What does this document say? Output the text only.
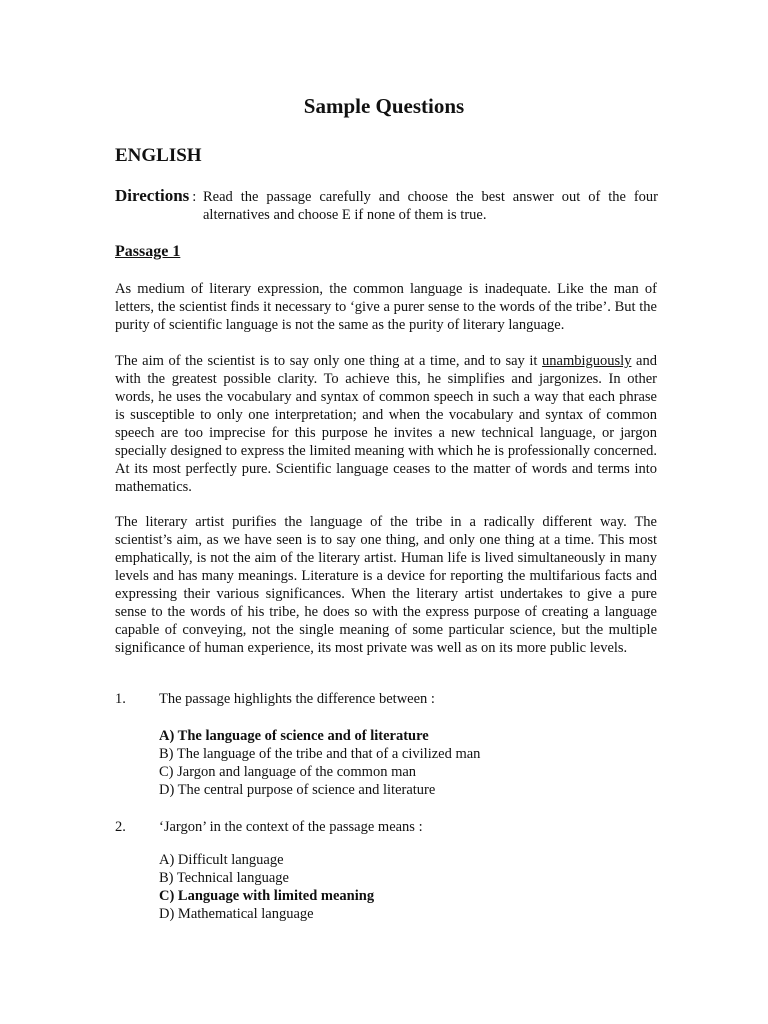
Sample Questions
ENGLISH
Directions : Read the passage carefully and choose the best answer out of the four alternatives and choose E if none of them is true.
Passage 1

As medium of literary expression, the common language is inadequate. Like the man of letters, the scientist finds it necessary to ‘give a purer sense to the words of the tribe’. But the purity of scientific language is not the same as the purity of literary language.

The aim of the scientist is to say only one thing at a time, and to say it unambiguously and with the greatest possible clarity. To achieve this, he simplifies and jargonizes. In other words, he uses the vocabulary and syntax of common speech in such a way that each phrase is susceptible to only one interpretation; and when the vocabulary and syntax of common speech are too imprecise for this purpose he invites a new technical language, or jargon specially designed to express the limited meaning with which he is professionally concerned. At its most perfectly pure. Scientific language ceases to the matter of words and terms into mathematics.

The literary artist purifies the language of the tribe in a radically different way. The scientist’s aim, as we have seen is to say one thing, and only one thing at a time. This most emphatically, is not the aim of the literary artist. Human life is lived simultaneously in many levels and has many meanings. Literature is a device for reporting the multifarious facts and expressing their various significances. When the literary artist undertakes to give a pure sense to the words of his tribe, he does so with the express purpose of creating a language capable of conveying, not the single meaning of some particular science, but the multiple significance of human experience, its most private was well as on its more public levels.

1. The passage highlights the difference between :
A) The language of science and of literature
B) The language of the tribe and that of a civilized man
C) Jargon and language of the common man
D) The central purpose of science and literature
2. ‘Jargon’ in the context of the passage means :
A) Difficult language
B) Technical language
C) Language with limited meaning
D) Mathematical language
